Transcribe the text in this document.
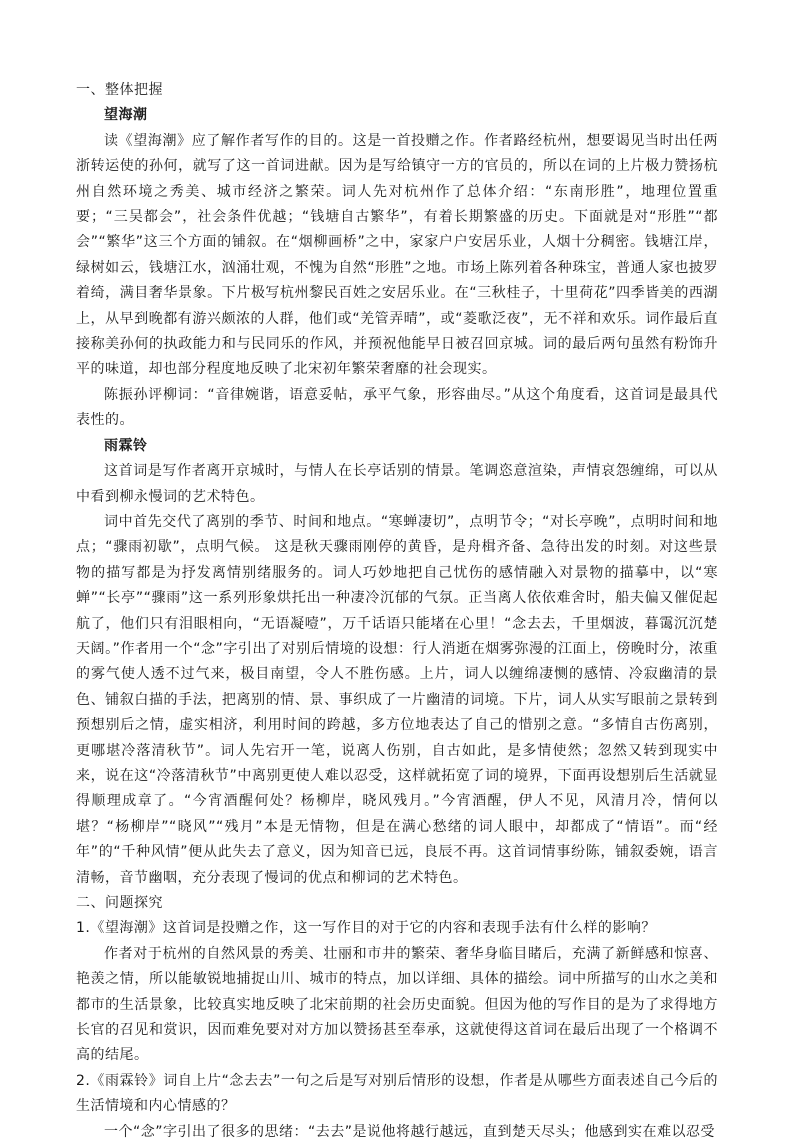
一、整体把握

望海潮

读《望海潮》应了解作者写作的目的。这是一首投赠之作。作者路经杭州，想要谒见当时出任两浙转运使的孙何，就写了这一首词进献。因为是写给镇守一方的官员的，所以在词的上片极力赞扬杭州自然环境之秀美、城市经济之繁荣。词人先对杭州作了总体介绍：“东南形胜”，地理位置重要；“三吴都会”，社会条件优越；“钱塘自古繁华”，有着长期繁盛的历史。下面就是对“形胜”“都会”“繁华”这三个方面的铺叙。在“烟柳画桥”之中，家家户户安居乐业，人烟十分稠密。钱塘江岸，绿树如云，钱塘江水，汹涌壮观，不愧为自然“形胜”之地。市场上陈列着各种珠宝，普通人家也披罗着绮，满目奢华景象。下片极写杭州黎民百姓之安居乐业。在“三秋桂子，十里荷花”四季皆美的西湖上，从早到晚都有游兴颇浓的人群，他们或“羌管弄晴”，或“菱歌泛夜”，无不祥和欢乐。词作最后直接称美孙何的执政能力和与民同乐的作风，并预祝他能早日被召回京城。词的最后两句虽然有粉饰升平的味道，却也部分程度地反映了北宋初年繁荣奢靡的社会现实。

陈振孙评柳词：“音律婉谐，语意妥帖，承平气象，形容曲尽。”从这个角度看，这首词是最具代表性的。

雨霖铃

这首词是写作者离开京城时，与情人在长亭话别的情景。笔调恣意渲染，声情哀怨缠绵，可以从中看到柳永慢词的艺术特色。

词中首先交代了离别的季节、时间和地点。“寒蝉凄切”，点明节令；“对长亭晚”，点明时间和地点；“骤雨初歇”，点明气候。 这是秋天骤雨刚停的黄昏，是舟楫齐备、急待出发的时刻。对这些景物的描写都是为抒发离情别绪服务的。词人巧妙地把自己忧伤的感情融入对景物的描摹中，以“寒蝉”“长亭”“骤雨”这一系列形象烘托出一种凄冷沉郁的气氛。正当离人依依难舍时，船夫偏又催促起航了，他们只有泪眼相向，“无语凝噎”，万千话语只能堵在心里！“念去去，千里烟波，暮霭沉沉楚天阔。”作者用一个“念”字引出了对别后情境的设想：行人消逝在烟雾弥漫的江面上，傍晚时分，浓重的雾气使人透不过气来，极目南望，令人不胜伤感。上片，词人以缠绵凄恻的感情、冷寂幽清的景色、铺叙白描的手法，把离别的情、景、事织成了一片幽清的词境。下片，词人从实写眼前之景转到预想别后之情，虚实相济，利用时间的跨越，多方位地表达了自己的惜别之意。“多情自古伤离别，更哪堪冷落清秋节”。词人先宕开一笔，说离人伤别，自古如此，是多情使然；忽然又转到现实中来，说在这“冷落清秋节”中离别更使人难以忍受，这样就拓宽了词的境界，下面再设想别后生活就显得顺理成章了。“今宵酒醒何处？杨柳岸，晓风残月。”今宵酒醒，伊人不见，风清月冷，情何以堪？“杨柳岸”“晓风”“残月”本是无情物，但是在满心愁绪的词人眼中，却都成了“情语”。而“经年”的“千种风情”便从此失去了意义，因为知音已远，良辰不再。这首词情事纷陈，铺叙委婉，语言清畅，音节幽咽，充分表现了慢词的优点和柳词的艺术特色。

二、问题探究

1.《望海潮》这首词是投赠之作，这一写作目的对于它的内容和表现手法有什么样的影响？

作者对于杭州的自然风景的秀美、壮丽和市井的繁荣、奢华身临目睹后，充满了新鲜感和惊喜、艳羡之情，所以能敏锐地捕捉山川、城市的特点，加以详细、具体的描绘。词中所描写的山水之美和都市的生活景象，比较真实地反映了北宋前期的社会历史面貌。但因为他的写作目的是为了求得地方长官的召见和赏识，因而难免要对对方加以赞扬甚至奉承，这就使得这首词在最后出现了一个格调不高的结尾。

2.《雨霖铃》词自上片“念去去”一句之后是写对别后情形的设想，作者是从哪些方面表述自己今后的生活情境和内心情感的？

一个“念”字引出了很多的思绪：“去去”是说他将越行越远，直到楚天尽头；他感到实在难以忍受
